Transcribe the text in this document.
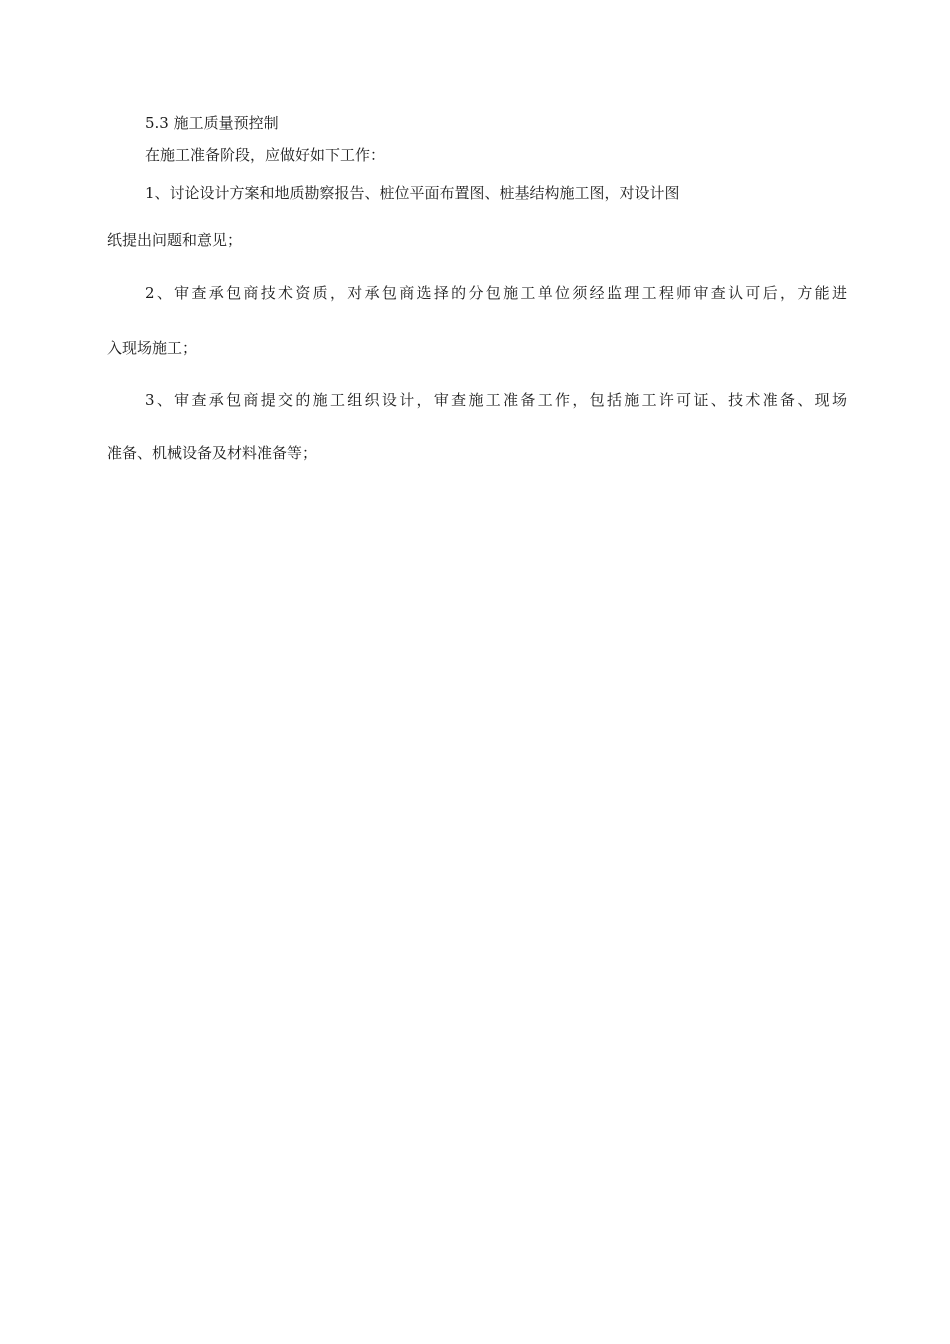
5.3 施工质量预控制
在施工准备阶段，应做好如下工作：
1、讨论设计方案和地质勘察报告、桩位平面布置图、桩基结构施工图，对设计图
纸提出问题和意见；
2、审查承包商技术资质，对承包商选择的分包施工单位须经监理工程师审查认可后，方能进
入现场施工；
3、审查承包商提交的施工组织设计，审查施工准备工作，包括施工许可证、技术准备、现场
准备、机械设备及材料准备等；
